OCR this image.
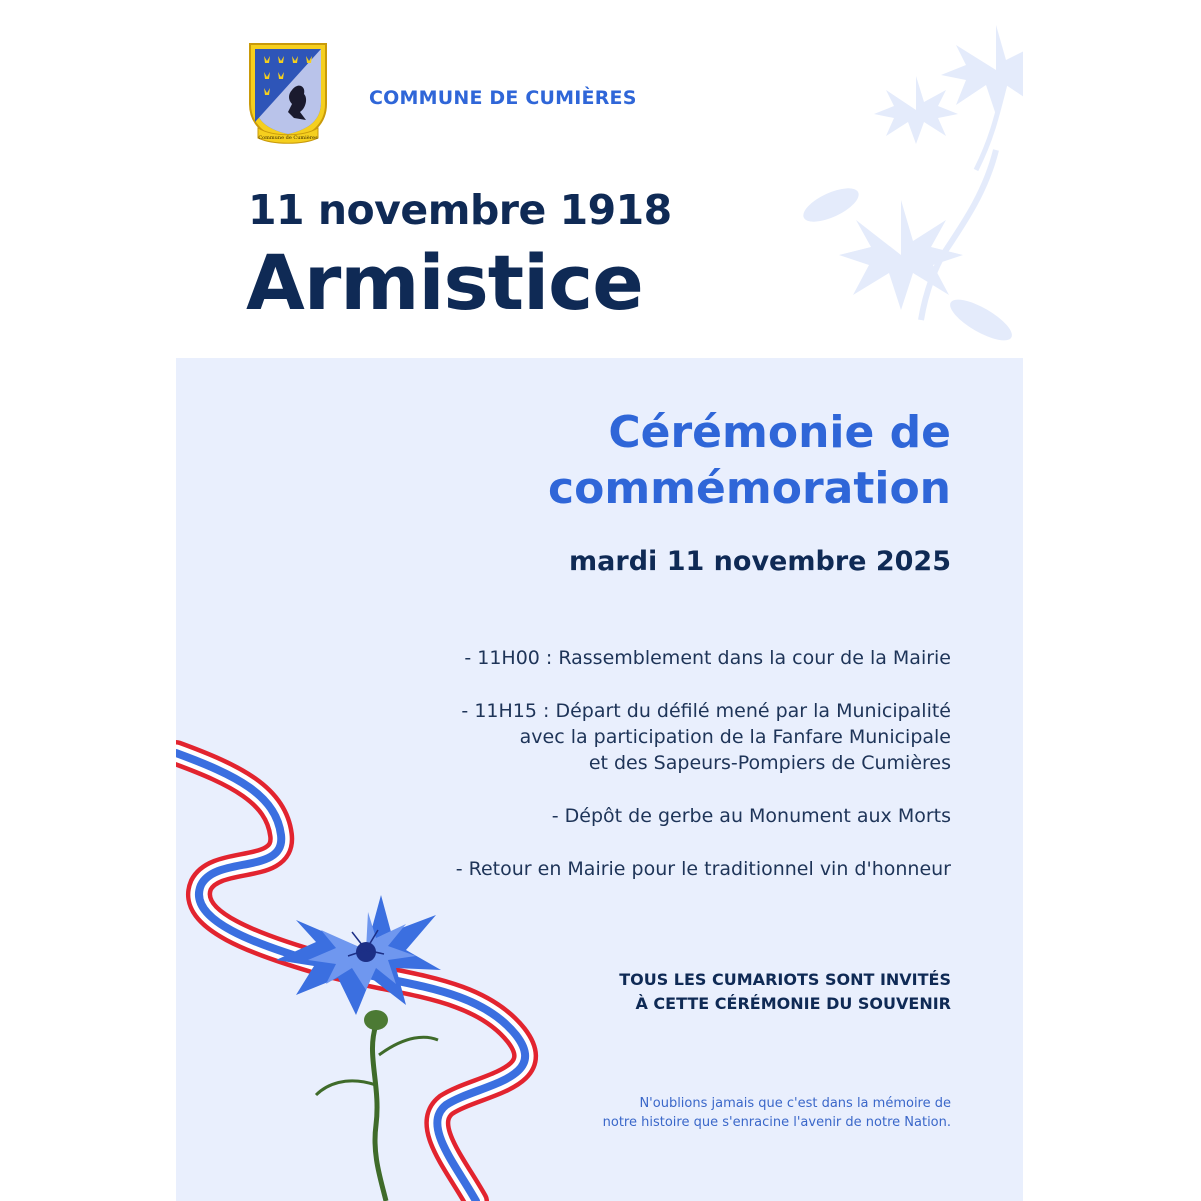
Commune de Cumières
COMMUNE DE CUMIÈRES
11 novembre 1918
Armistice
Cérémonie de commémoration
mardi 11 novembre 2025
- 11H00 : Rassemblement dans la cour de la Mairie
- 11H15 : Départ du défilé mené par la Municipalité
avec la participation de la Fanfare Municipale
et des Sapeurs-Pompiers de Cumières
- Dépôt de gerbe au Monument aux Morts
- Retour en Mairie pour le traditionnel vin d'honneur
TOUS LES CUMARIOTS SONT INVITÉS
À CETTE CÉRÉMONIE DU SOUVENIR
N'oublions jamais que c'est dans la mémoire de
notre histoire que s'enracine l'avenir de notre Nation.
